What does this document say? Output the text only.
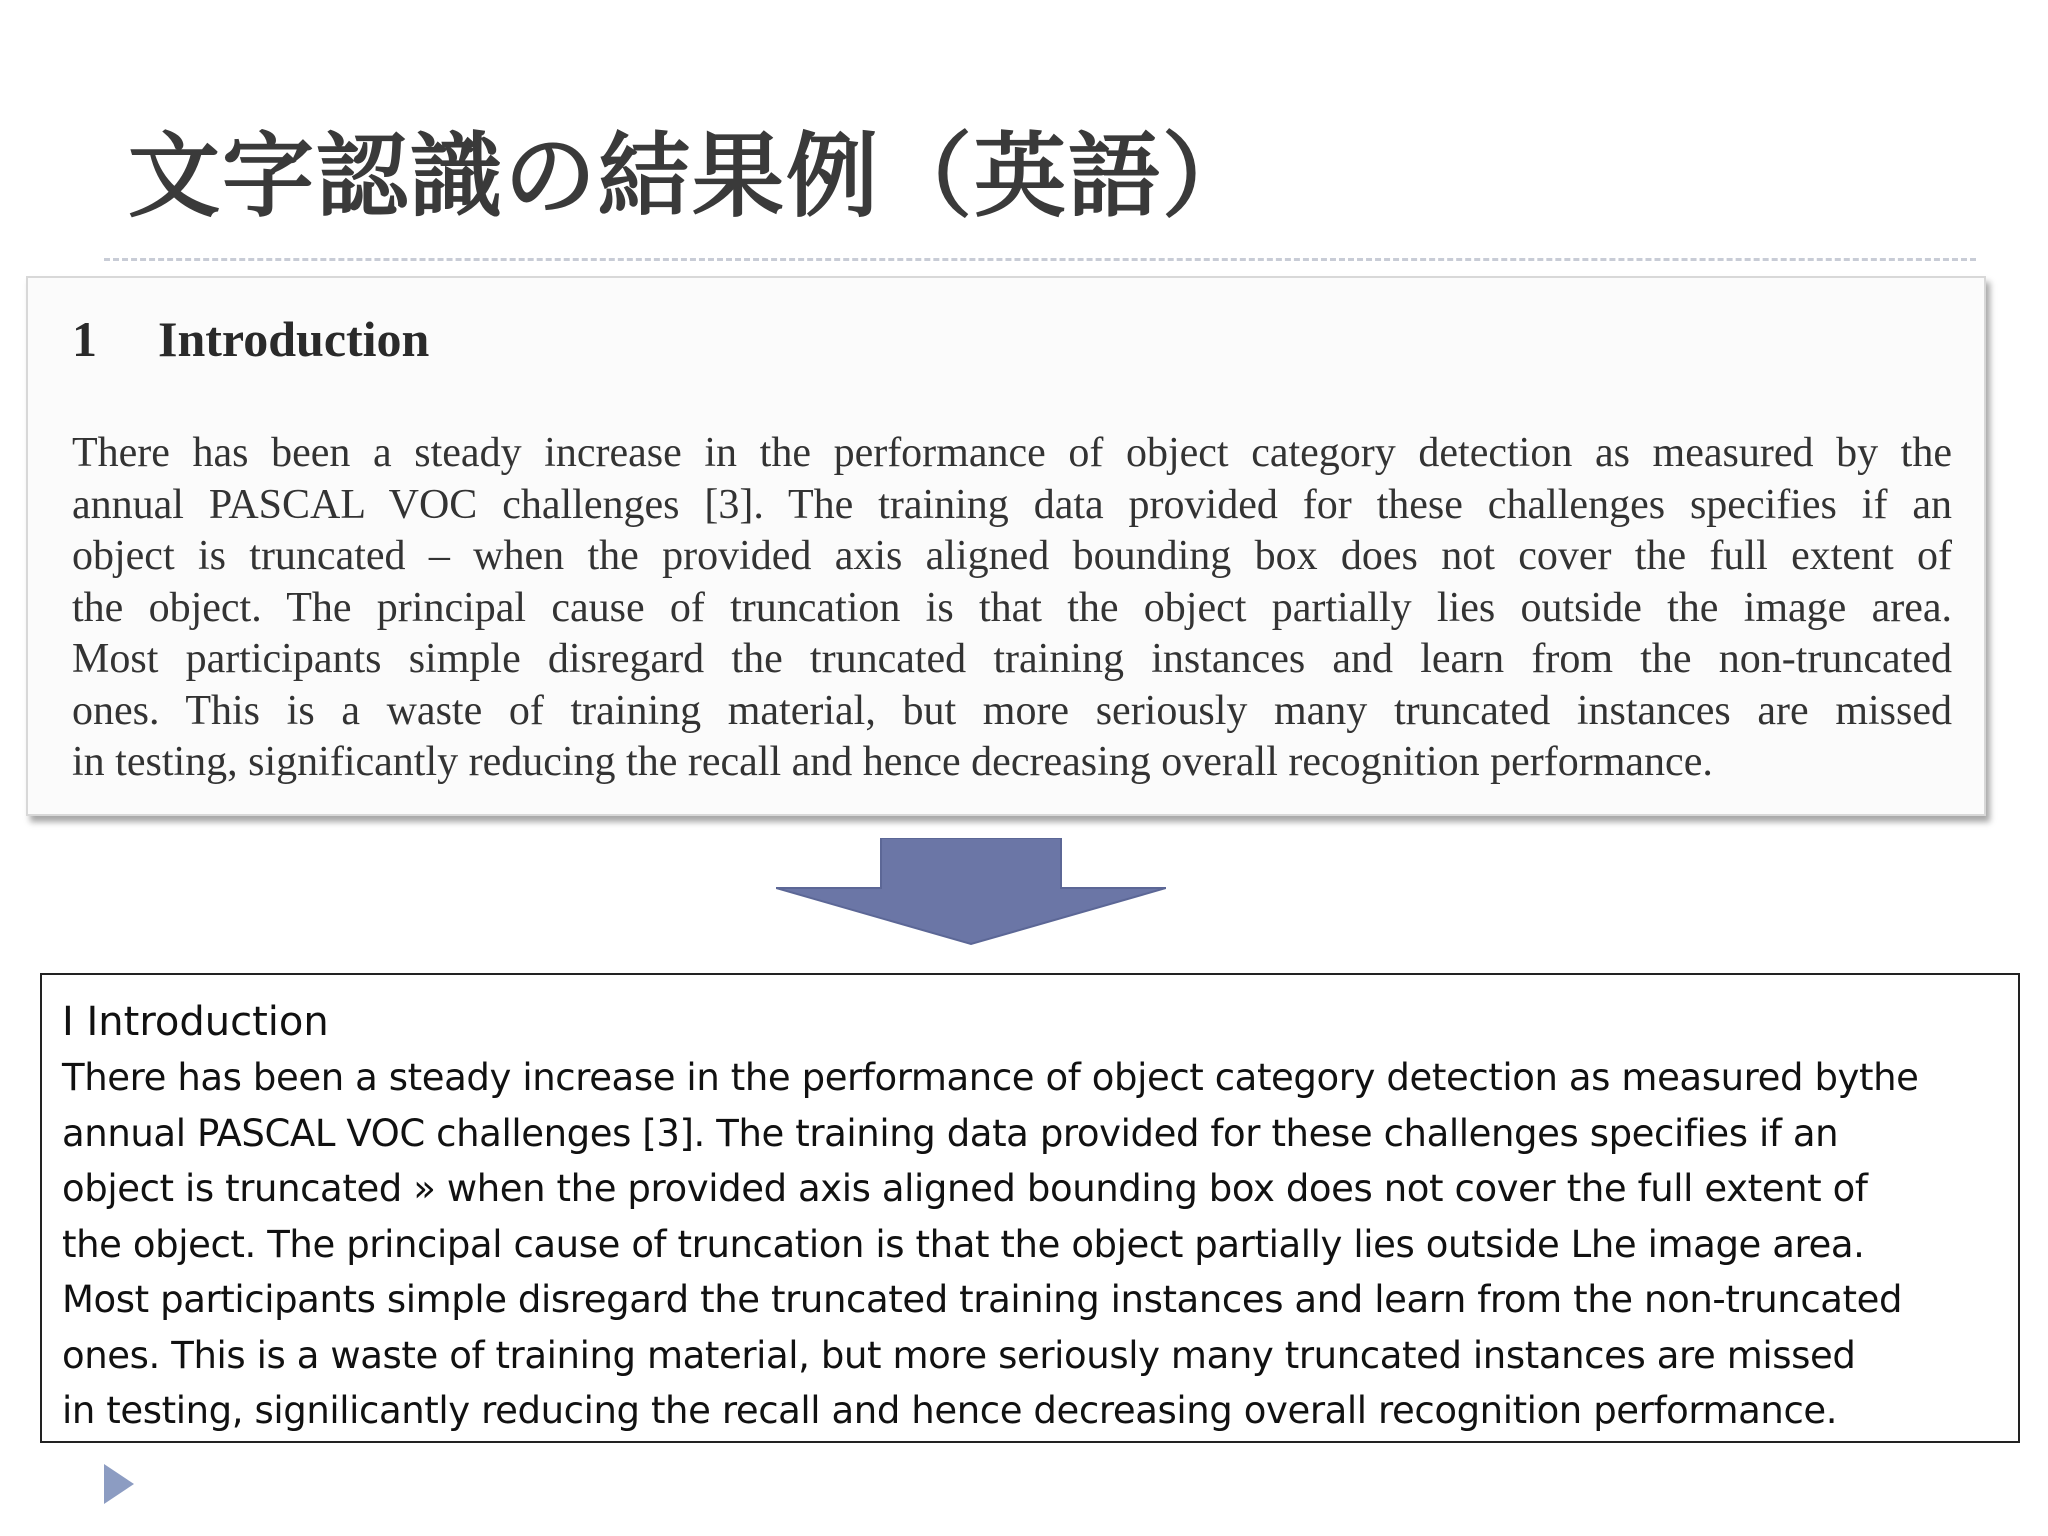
文字認識の結果例（英語）
1 Introduction
There has been a steady increase in the performance of object category detection as measured by the
annual PASCAL VOC challenges [3]. The training data provided for these challenges specifies if an
object is truncated – when the provided axis aligned bounding box does not cover the full extent of
the object. The principal cause of truncation is that the object partially lies outside the image area.
Most participants simple disregard the truncated training instances and learn from the non-truncated
ones. This is a waste of training material, but more seriously many truncated instances are missed
in testing, significantly reducing the recall and hence decreasing overall recognition performance.
I Introduction
There has been a steady increase in the performance of object category detection as measured bythe
annual PASCAL VOC challenges [3]. The training data provided for these challenges specifies if an
object is truncated » when the provided axis aligned bounding box does not cover the full extent of
the object. The principal cause of truncation is that the object partially lies outside Lhe image area.
Most participants simple disregard the truncated training instances and learn from the non-truncated
ones. This is a waste of training material, but more seriously many truncated instances are missed
in testing, signilicantly reducing the recall and hence decreasing overall recognition performance.
